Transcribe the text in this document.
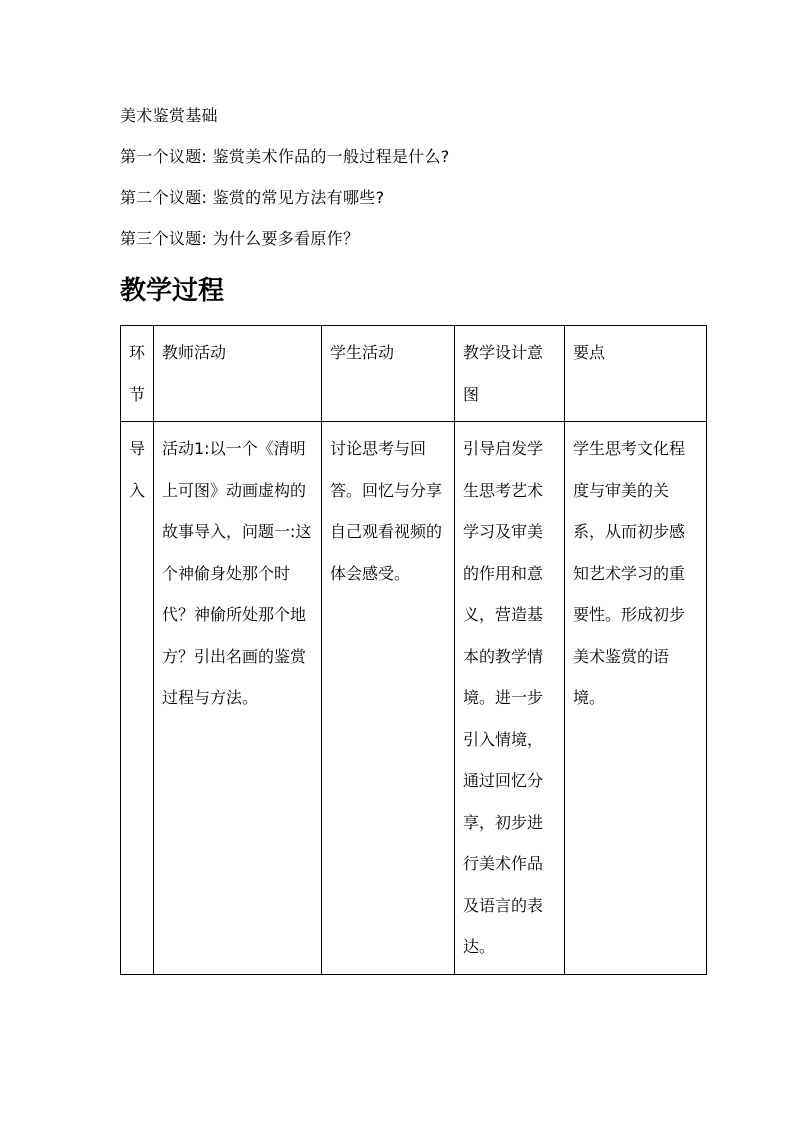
美术鉴赏基础
第一个议题: 鉴赏美术作品的一般过程是什么?
第二个议题: 鉴赏的常见方法有哪些?
第三个议题: 为什么要多看原作？
教学过程
环节	教师活动	学生活动	教学设计意图	要点
导入	活动1:以一个《清明上可图》动画虚构的故事导入，问题一:这个神偷身处那个时代？神偷所处那个地方？引出名画的鉴赏过程与方法。	讨论思考与回答。回忆与分享自己观看视频的体会感受。	引导启发学生思考艺术学习及审美的作用和意义，营造基本的教学情境。进一步引入情境，通过回忆分享，初步进行美术作品及语言的表达。	学生思考文化程度与审美的关系，从而初步感知艺术学习的重要性。形成初步美术鉴赏的语境。
